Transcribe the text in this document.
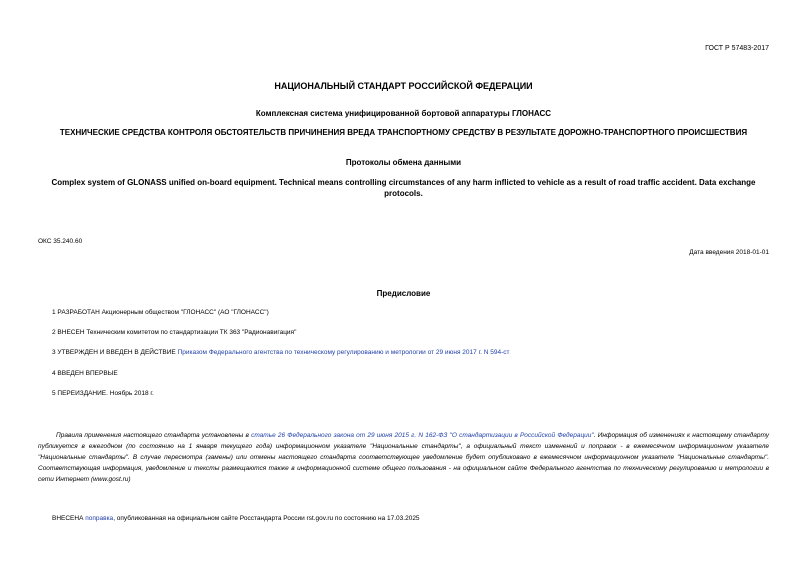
ГОСТ Р 57483-2017
НАЦИОНАЛЬНЫЙ СТАНДАРТ РОССИЙСКОЙ ФЕДЕРАЦИИ
Комплексная система унифицированной бортовой аппаратуры ГЛОНАСС
ТЕХНИЧЕСКИЕ СРЕДСТВА КОНТРОЛЯ ОБСТОЯТЕЛЬСТВ ПРИЧИНЕНИЯ ВРЕДА ТРАНСПОРТНОМУ СРЕДСТВУ В РЕЗУЛЬТАТЕ ДОРОЖНО-ТРАНСПОРТНОГО ПРОИСШЕСТВИЯ
Протоколы обмена данными
Complex system of GLONASS unified on-board equipment. Technical means controlling circumstances of any harm inflicted to vehicle as a result of road traffic accident. Data exchange protocols.
ОКС 35.240.60
Дата введения 2018-01-01
Предисловие
1 РАЗРАБОТАН Акционерным обществом "ГЛОНАСС" (АО "ГЛОНАСС")
2 ВНЕСЕН Техническим комитетом по стандартизации ТК 363 "Радионавигация"
3 УТВЕРЖДЕН И ВВЕДЕН В ДЕЙСТВИЕ Приказом Федерального агентства по техническому регулированию и метрологии от 29 июня 2017 г. N 594-ст
4 ВВЕДЕН ВПЕРВЫЕ
5 ПЕРЕИЗДАНИЕ. Ноябрь 2018 г.
Правила применения настоящего стандарта установлены в статье 26 Федерального закона от 29 июня 2015 г. N 162-ФЗ "О стандартизации в Российской Федерации". Информация об изменениях к настоящему стандарту публикуется в ежегодном (по состоянию на 1 января текущего года) информационном указателе "Национальные стандарты", а официальный текст изменений и поправок - в ежемесячном информационном указателе "Национальные стандарты". В случае пересмотра (замены) или отмены настоящего стандарта соответствующее уведомление будет опубликовано в ежемесячном информационном указателе "Национальные стандарты". Соответствующая информация, уведомление и тексты размещаются также в информационной системе общего пользования - на официальном сайте Федерального агентства по техническому регулированию и метрологии в сети Интернет (www.gost.ru)
ВНЕСЕНА поправка, опубликованная на официальном сайте Росстандарта России rst.gov.ru по состоянию на 17.03.2025
